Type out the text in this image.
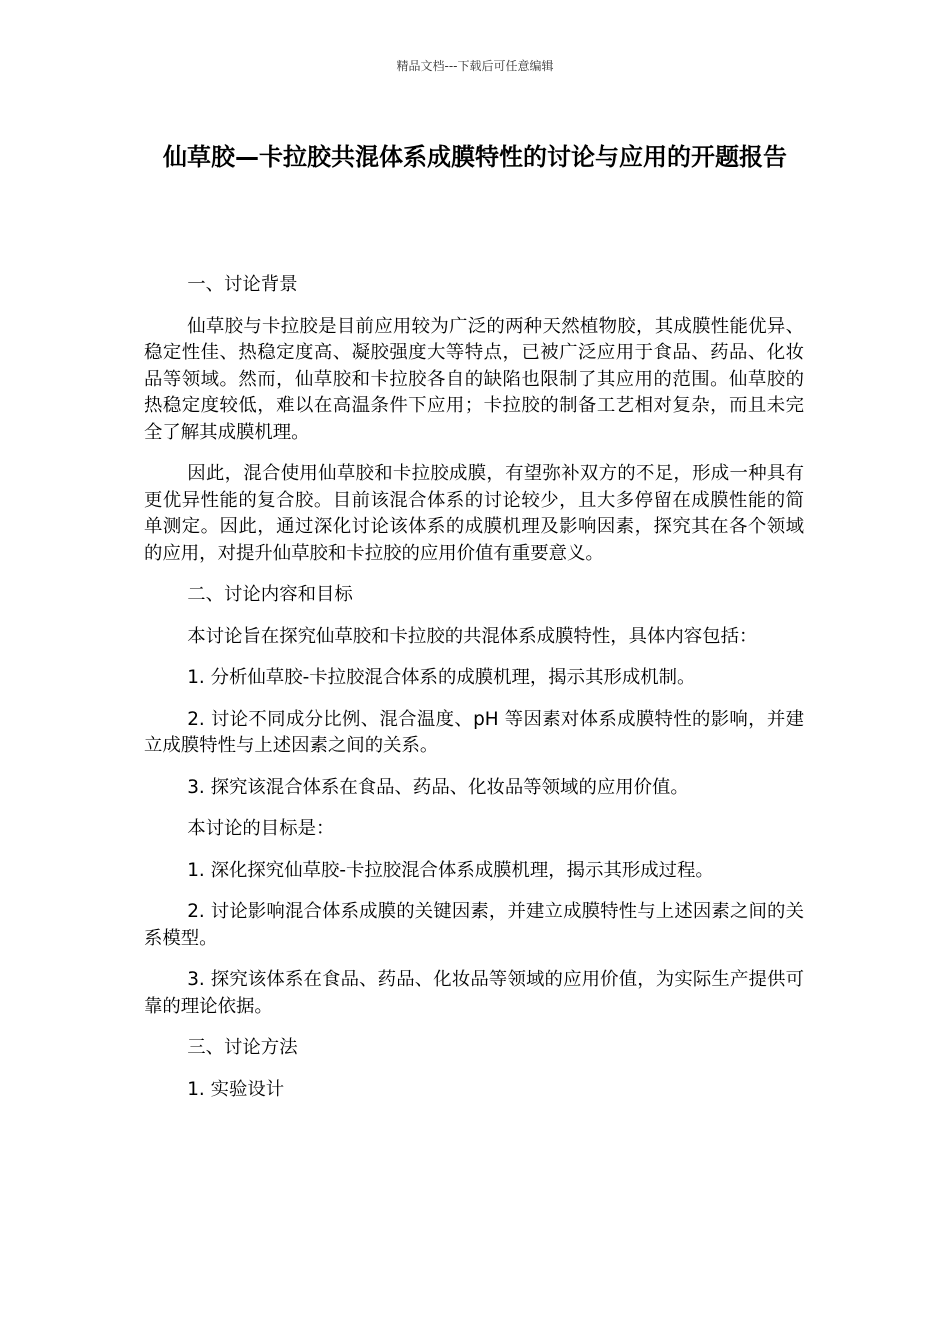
精品文档---下载后可任意编辑
仙草胶—卡拉胶共混体系成膜特性的讨论与应用的开题报告

一、讨论背景

仙草胶与卡拉胶是目前应用较为广泛的两种天然植物胶，其成膜性能优异、稳定性佳、热稳定度高、凝胶强度大等特点，已被广泛应用于食品、药品、化妆品等领域。然而，仙草胶和卡拉胶各自的缺陷也限制了其应用的范围。仙草胶的热稳定度较低，难以在高温条件下应用；卡拉胶的制备工艺相对复杂，而且未完全了解其成膜机理。

因此，混合使用仙草胶和卡拉胶成膜，有望弥补双方的不足，形成一种具有更优异性能的复合胶。目前该混合体系的讨论较少，且大多停留在成膜性能的简单测定。因此，通过深化讨论该体系的成膜机理及影响因素，探究其在各个领域的应用，对提升仙草胶和卡拉胶的应用价值有重要意义。

二、讨论内容和目标

本讨论旨在探究仙草胶和卡拉胶的共混体系成膜特性，具体内容包括：

1. 分析仙草胶-卡拉胶混合体系的成膜机理，揭示其形成机制。

2. 讨论不同成分比例、混合温度、pH 等因素对体系成膜特性的影响，并建立成膜特性与上述因素之间的关系。

3. 探究该混合体系在食品、药品、化妆品等领域的应用价值。

本讨论的目标是：

1. 深化探究仙草胶-卡拉胶混合体系成膜机理，揭示其形成过程。

2. 讨论影响混合体系成膜的关键因素，并建立成膜特性与上述因素之间的关系模型。

3. 探究该体系在食品、药品、化妆品等领域的应用价值，为实际生产提供可靠的理论依据。

三、讨论方法

1. 实验设计
